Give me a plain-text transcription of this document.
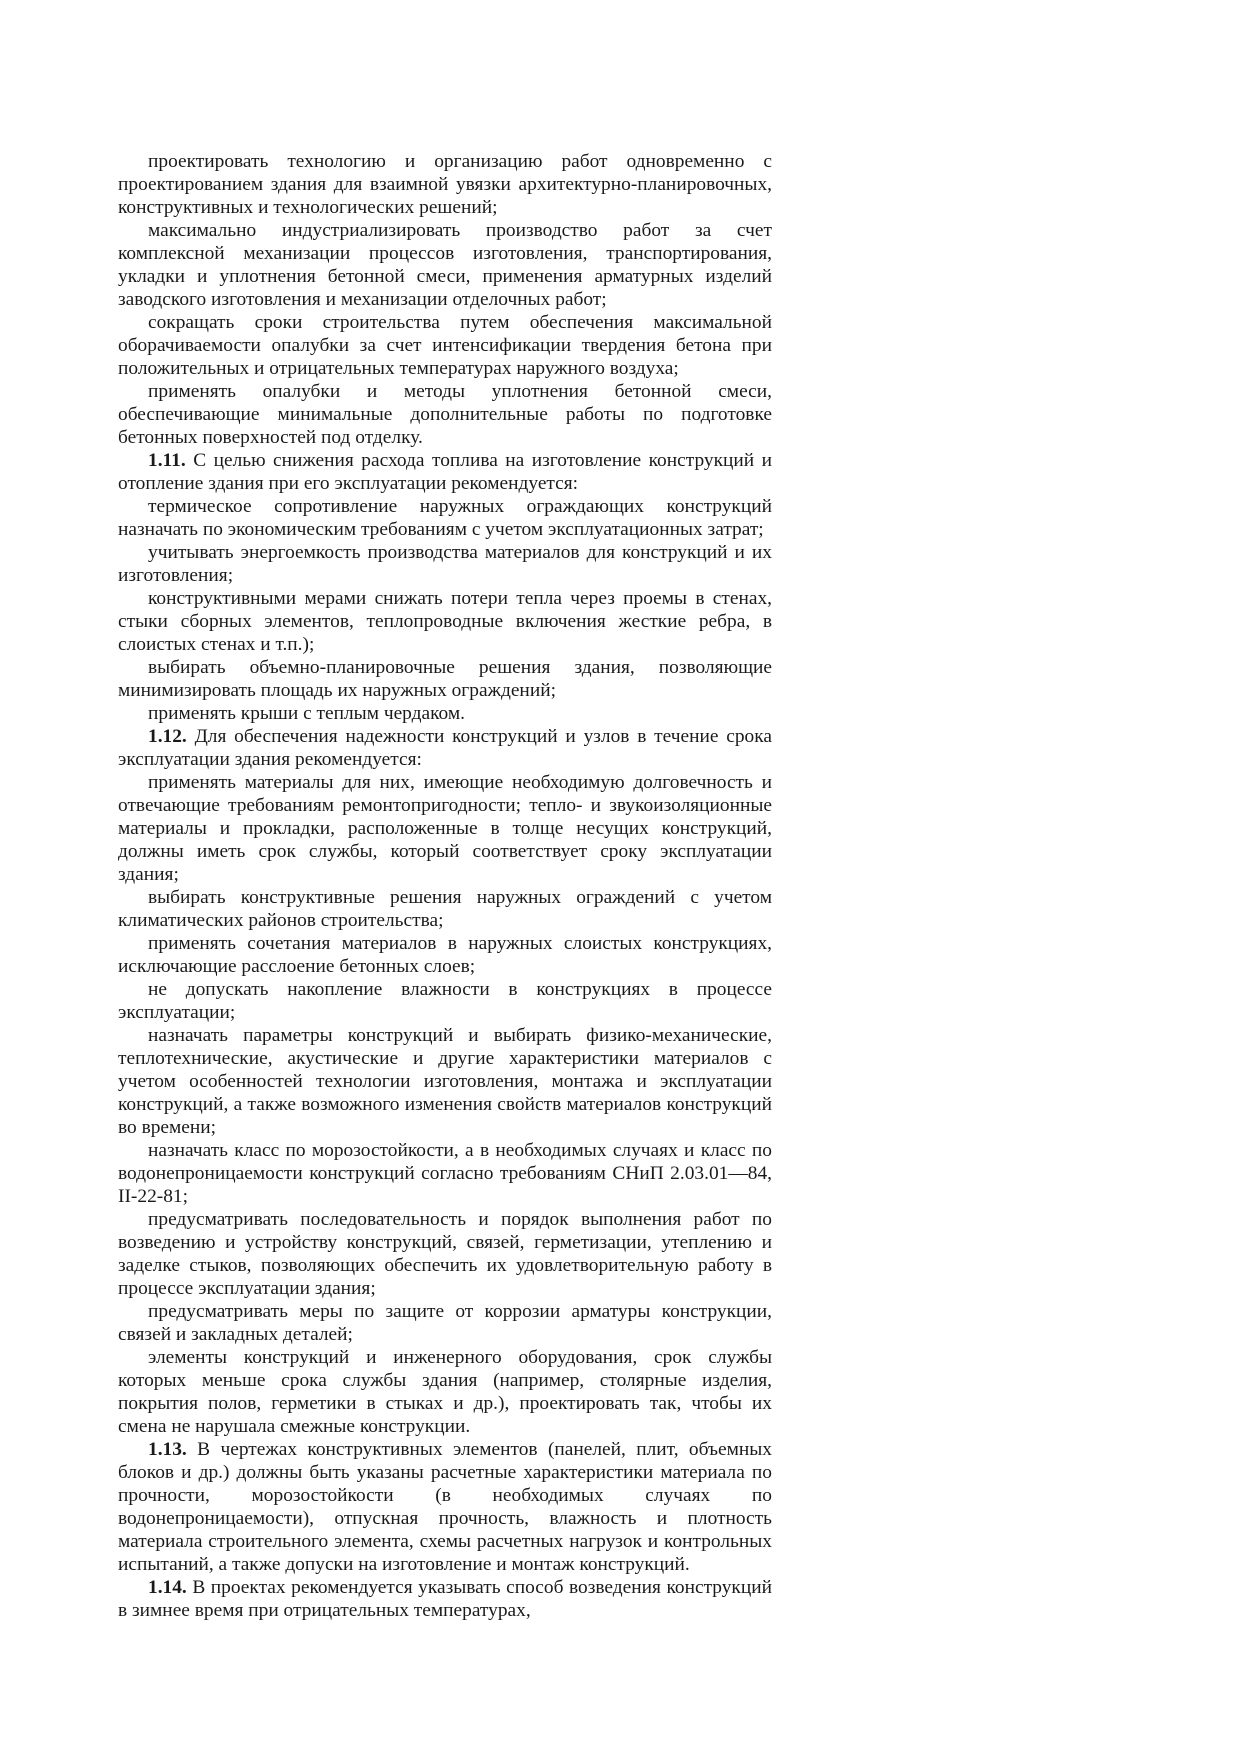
проектировать технологию и организацию работ одновременно с проектированием здания для взаимной увязки архитектурно-планировочных, конструктивных и технологических решений;

максимально индустриализировать производство работ за счет комплексной механизации процессов изготовления, транспортирования, укладки и уплотнения бетонной смеси, применения арматурных изделий заводского изготовления и механизации отделочных работ;

сокращать сроки строительства путем обеспечения максимальной оборачиваемости опалубки за счет интенсификации твердения бетона при положительных и отрицательных температурах наружного воздуха;

применять опалубки и методы уплотнения бетонной смеси, обеспечивающие минимальные дополнительные работы по подготовке бетонных поверхностей под отделку.

1.11. С целью снижения расхода топлива на изготовление конструкций и отопление здания при его эксплуатации рекомендуется:

термическое сопротивление наружных ограждающих конструкций назначать по экономическим требованиям с учетом эксплуатационных затрат;

учитывать энергоемкость производства материалов для конструкций и их изготовления;

конструктивными мерами снижать потери тепла через проемы в стенах, стыки сборных элементов, теплопроводные включения жесткие ребра, в слоистых стенах и т.п.);

выбирать объемно-планировочные решения здания, позволяющие минимизировать площадь их наружных ограждений;

применять крыши с теплым чердаком.

1.12. Для обеспечения надежности конструкций и узлов в течение срока эксплуатации здания рекомендуется:

применять материалы для них, имеющие необходимую долговечность и отвечающие требованиям ремонтопригодности; тепло- и звукоизоляционные материалы и прокладки, расположенные в толще несущих конструкций, должны иметь срок службы, который соответствует сроку эксплуатации здания;

выбирать конструктивные решения наружных ограждений с учетом климатических районов строительства;

применять сочетания материалов в наружных слоистых конструкциях, исключающие расслоение бетонных слоев;

не допускать накопление влажности в конструкциях в процессе эксплуатации;

назначать параметры конструкций и выбирать физико-механические, теплотехнические, акустические и другие характеристики материалов с учетом особенностей технологии изготовления, монтажа и эксплуатации конструкций, а также возможного изменения свойств материалов конструкций во времени;

назначать класс по морозостойкости, а в необходимых случаях и класс по водонепроницаемости конструкций согласно требованиям СНиП 2.03.01—84, II-22-81;

предусматривать последовательность и порядок выполнения работ по возведению и устройству конструкций, связей, герметизации, утеплению и заделке стыков, позволяющих обеспечить их удовлетворительную работу в процессе эксплуатации здания;

предусматривать меры по защите от коррозии арматуры конструкции, связей и закладных деталей;

элементы конструкций и инженерного оборудования, срок службы которых меньше срока службы здания (например, столярные изделия, покрытия полов, герметики в стыках и др.), проектировать так, чтобы их смена не нарушала смежные конструкции.

1.13. В чертежах конструктивных элементов (панелей, плит, объемных блоков и др.) должны быть указаны расчетные характеристики материала по прочности, морозостойкости (в необходимых случаях по водонепроницаемости), отпускная прочность, влажность и плотность материала строительного элемента, схемы расчетных нагрузок и контрольных испытаний, а также допуски на изготовление и монтаж конструкций.

1.14. В проектах рекомендуется указывать способ возведения конструкций в зимнее время при отрицательных температурах,
